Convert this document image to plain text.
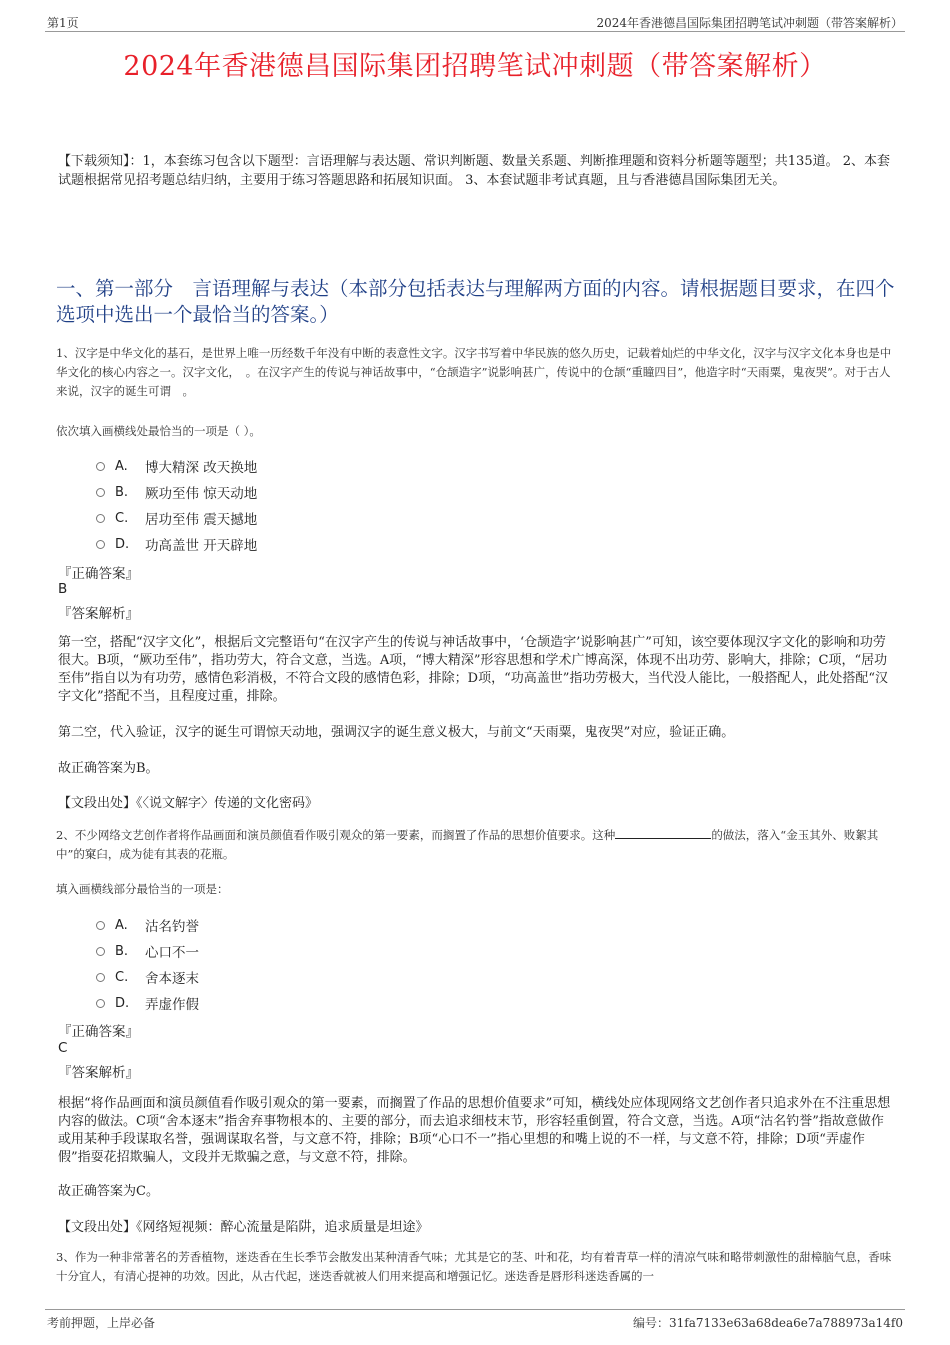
第1页	2024年香港德昌国际集团招聘笔试冲刺题（带答案解析）
2024年香港德昌国际集团招聘笔试冲刺题（带答案解析）
【下载须知】：1，本套练习包含以下题型：言语理解与表达题、常识判断题、数量关系题、判断推理题和资料分析题等题型；共135道。 2、本套试题根据常见招考题总结归纳，主要用于练习答题思路和拓展知识面。 3、本套试题非考试真题，且与香港德昌国际集团无关。
一、第一部分　言语理解与表达（本部分包括表达与理解两方面的内容。请根据题目要求，在四个选项中选出一个最恰当的答案。）
1、汉字是中华文化的基石，是世界上唯一历经数千年没有中断的表意性文字。汉字书写着中华民族的悠久历史，记载着灿烂的中华文化，汉字与汉字文化本身也是中华文化的核心内容之一。汉字文化，　。在汉字产生的传说与神话故事中，“仓颉造字”说影响甚广，传说中的仓颉“重瞳四目”，他造字时“天雨粟，鬼夜哭”。对于古人来说，汉字的诞生可谓　。
依次填入画横线处最恰当的一项是（ ）。
A.	博大精深 改天换地
B.	厥功至伟 惊天动地
C.	居功至伟 震天撼地
D.	功高盖世 开天辟地
『正确答案』
B
『答案解析』
第一空，搭配“汉字文化”，根据后文完整语句“在汉字产生的传说与神话故事中，‘仓颉造字’说影响甚广”可知，该空要体现汉字文化的影响和功劳很大。B项，“厥功至伟”，指功劳大，符合文意，当选。A项，“博大精深”形容思想和学术广博高深，体现不出功劳、影响大，排除；C项，“居功至伟”指自以为有功劳，感情色彩消极，不符合文段的感情色彩，排除；D项，“功高盖世”指功劳极大，当代没人能比，一般搭配人，此处搭配“汉字文化”搭配不当，且程度过重，排除。
第二空，代入验证，汉字的诞生可谓惊天动地，强调汉字的诞生意义极大，与前文“天雨粟，鬼夜哭”对应，验证正确。
故正确答案为B。
【文段出处】《〈说文解字〉传递的文化密码》
2、不少网络文艺创作者将作品画面和演员颜值看作吸引观众的第一要素，而搁置了作品的思想价值要求。这种	的做法，落入“金玉其外、败絮其中”的窠臼，成为徒有其表的花瓶。
填入画横线部分最恰当的一项是：
A.	沽名钓誉
B.	心口不一
C.	舍本逐末
D.	弄虚作假
『正确答案』
C
『答案解析』
根据“将作品画面和演员颜值看作吸引观众的第一要素，而搁置了作品的思想价值要求”可知，横线处应体现网络文艺创作者只追求外在不注重思想内容的做法。C项“舍本逐末”指舍弃事物根本的、主要的部分，而去追求细枝末节，形容轻重倒置，符合文意，当选。A项“沽名钓誉”指故意做作或用某种手段谋取名誉，强调谋取名誉，与文意不符，排除；B项“心口不一”指心里想的和嘴上说的不一样，与文意不符，排除；D项“弄虚作假”指耍花招欺骗人，文段并无欺骗之意，与文意不符，排除。
故正确答案为C。
【文段出处】《网络短视频：醉心流量是陷阱，追求质量是坦途》
3、作为一种非常著名的芳香植物，迷迭香在生长季节会散发出某种清香气味；尤其是它的茎、叶和花，均有着青草一样的清凉气味和略带刺激性的甜樟脑气息，香味十分宜人，有清心提神的功效。因此，从古代起，迷迭香就被人们用来提高和增强记忆。迷迭香是唇形科迷迭香属的一
考前押题，上岸必备	编号：31fa7133e63a68dea6e7a788973a14f0
